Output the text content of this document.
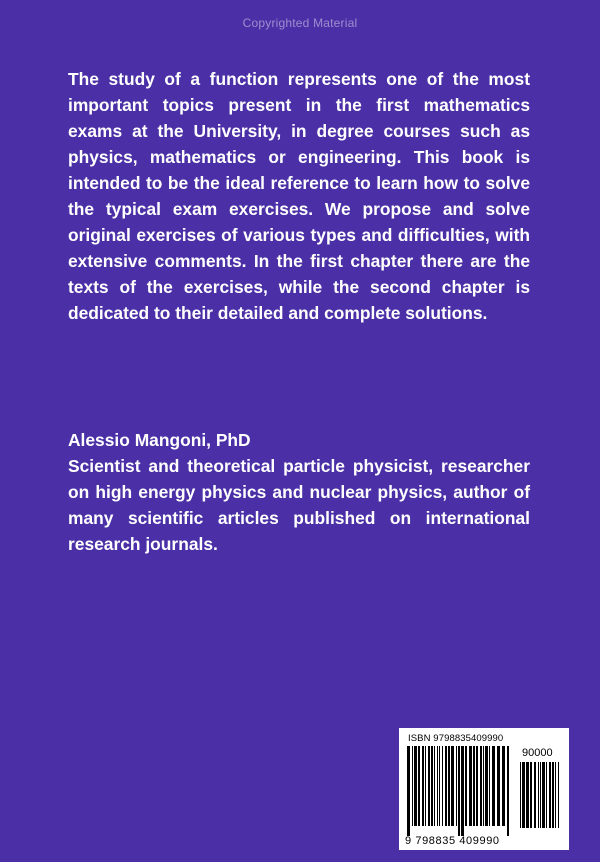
Copyrighted Material
The study of a function represents one of the most important topics present in the first mathematics exams at the University, in degree courses such as physics, mathematics or engineering. This book is intended to be the ideal reference to learn how to solve the typical exam exercises. We propose and solve original exercises of various types and difficulties, with extensive comments. In the first chapter there are the texts of the exercises, while the second chapter is dedicated to their detailed and complete solutions.
Alessio Mangoni, PhD
Scientist and theoretical particle physicist, researcher on high energy physics and nuclear physics, author of many scientific articles published on international research journals.
ISBN 9798835409990
90000
9 798835 409990
